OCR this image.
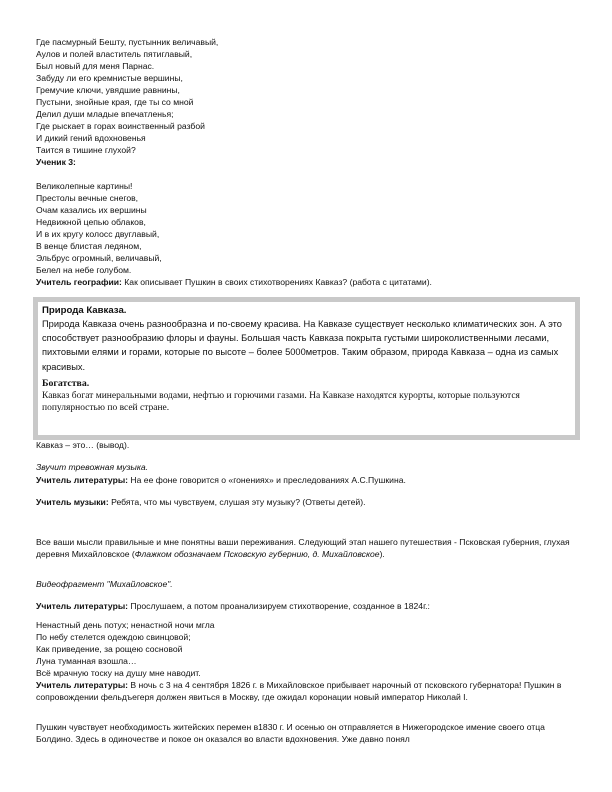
Где пасмурный Бешту, пустынник величавый,
Аулов и полей властитель пятиглавый,
Был новый для меня Парнас.
Забуду ли его кремнистые вершины,
Гремучие ключи, увядшие равнины,
Пустыни, знойные края, где ты со мной
Делил души младые впечатленья;
Где рыскает в горах воинственный разбой
И дикий гений вдохновенья
Таится в тишине глухой?
Ученик 3:
Великолепные картины!
Престолы вечные снегов,
Очам казались их вершины
Недвижной цепью облаков,
И в их кругу колосс двуглавый,
В венце блистая ледяном,
Эльбрус огромный, величавый,
Белел на небе голубом.
Учитель географии: Как описывает Пушкин в своих стихотворениях Кавказ? (работа с цитатами).
Природа Кавказа.
Природа Кавказа очень разнообразна и по-своему красива. На Кавказе существует несколько климатических зон. А это способствует разнообразию флоры и фауны. Большая часть Кавказа покрыта густыми широколиственными лесами, пихтовыми елями и горами, которые по высоте – более 5000метров. Таким образом, природа Кавказа – одна из самых красивых.
Богатства.
Кавказ богат минеральными водами, нефтью и горючими газами. На Кавказе находятся курорты, которые пользуются популярностью по всей стране.
Кавказ – это… (вывод).
Звучит тревожная музыка.
Учитель литературы: На ее фоне говорится о «гонениях» и преследованиях А.С.Пушкина.
Учитель музыки: Ребята, что мы чувствуем, слушая эту музыку? (Ответы детей).
Все ваши мысли правильные и мне понятны ваши переживания. Следующий этап нашего путешествия - Псковская губерния, глухая деревня Михайловское (Флажком обозначаем Псковскую губернию, д. Михайловское).
Видеофрагмент "Михайловское".
Учитель литературы: Прослушаем, а потом проанализируем стихотворение, созданное в 1824г.:
Ненастный день потух; ненастной ночи мгла
По небу стелется одеждою свинцовой;
Как приведение, за рощею сосновой
Луна туманная взошла…
Всё мрачную тоску на душу мне наводит.
Учитель литературы: В ночь с 3 на 4 сентября 1826 г. в Михайловское прибывает нарочный от псковского губернатора! Пушкин в сопровождении фельдъегеря должен явиться в Москву, где ожидал коронации новый император Николай I.
Пушкин чувствует необходимость житейских перемен в1830 г. И осенью он отправляется в Нижегородское имение своего отца Болдино. Здесь в одиночестве и покое он оказался во власти вдохновения. Уже давно понял
